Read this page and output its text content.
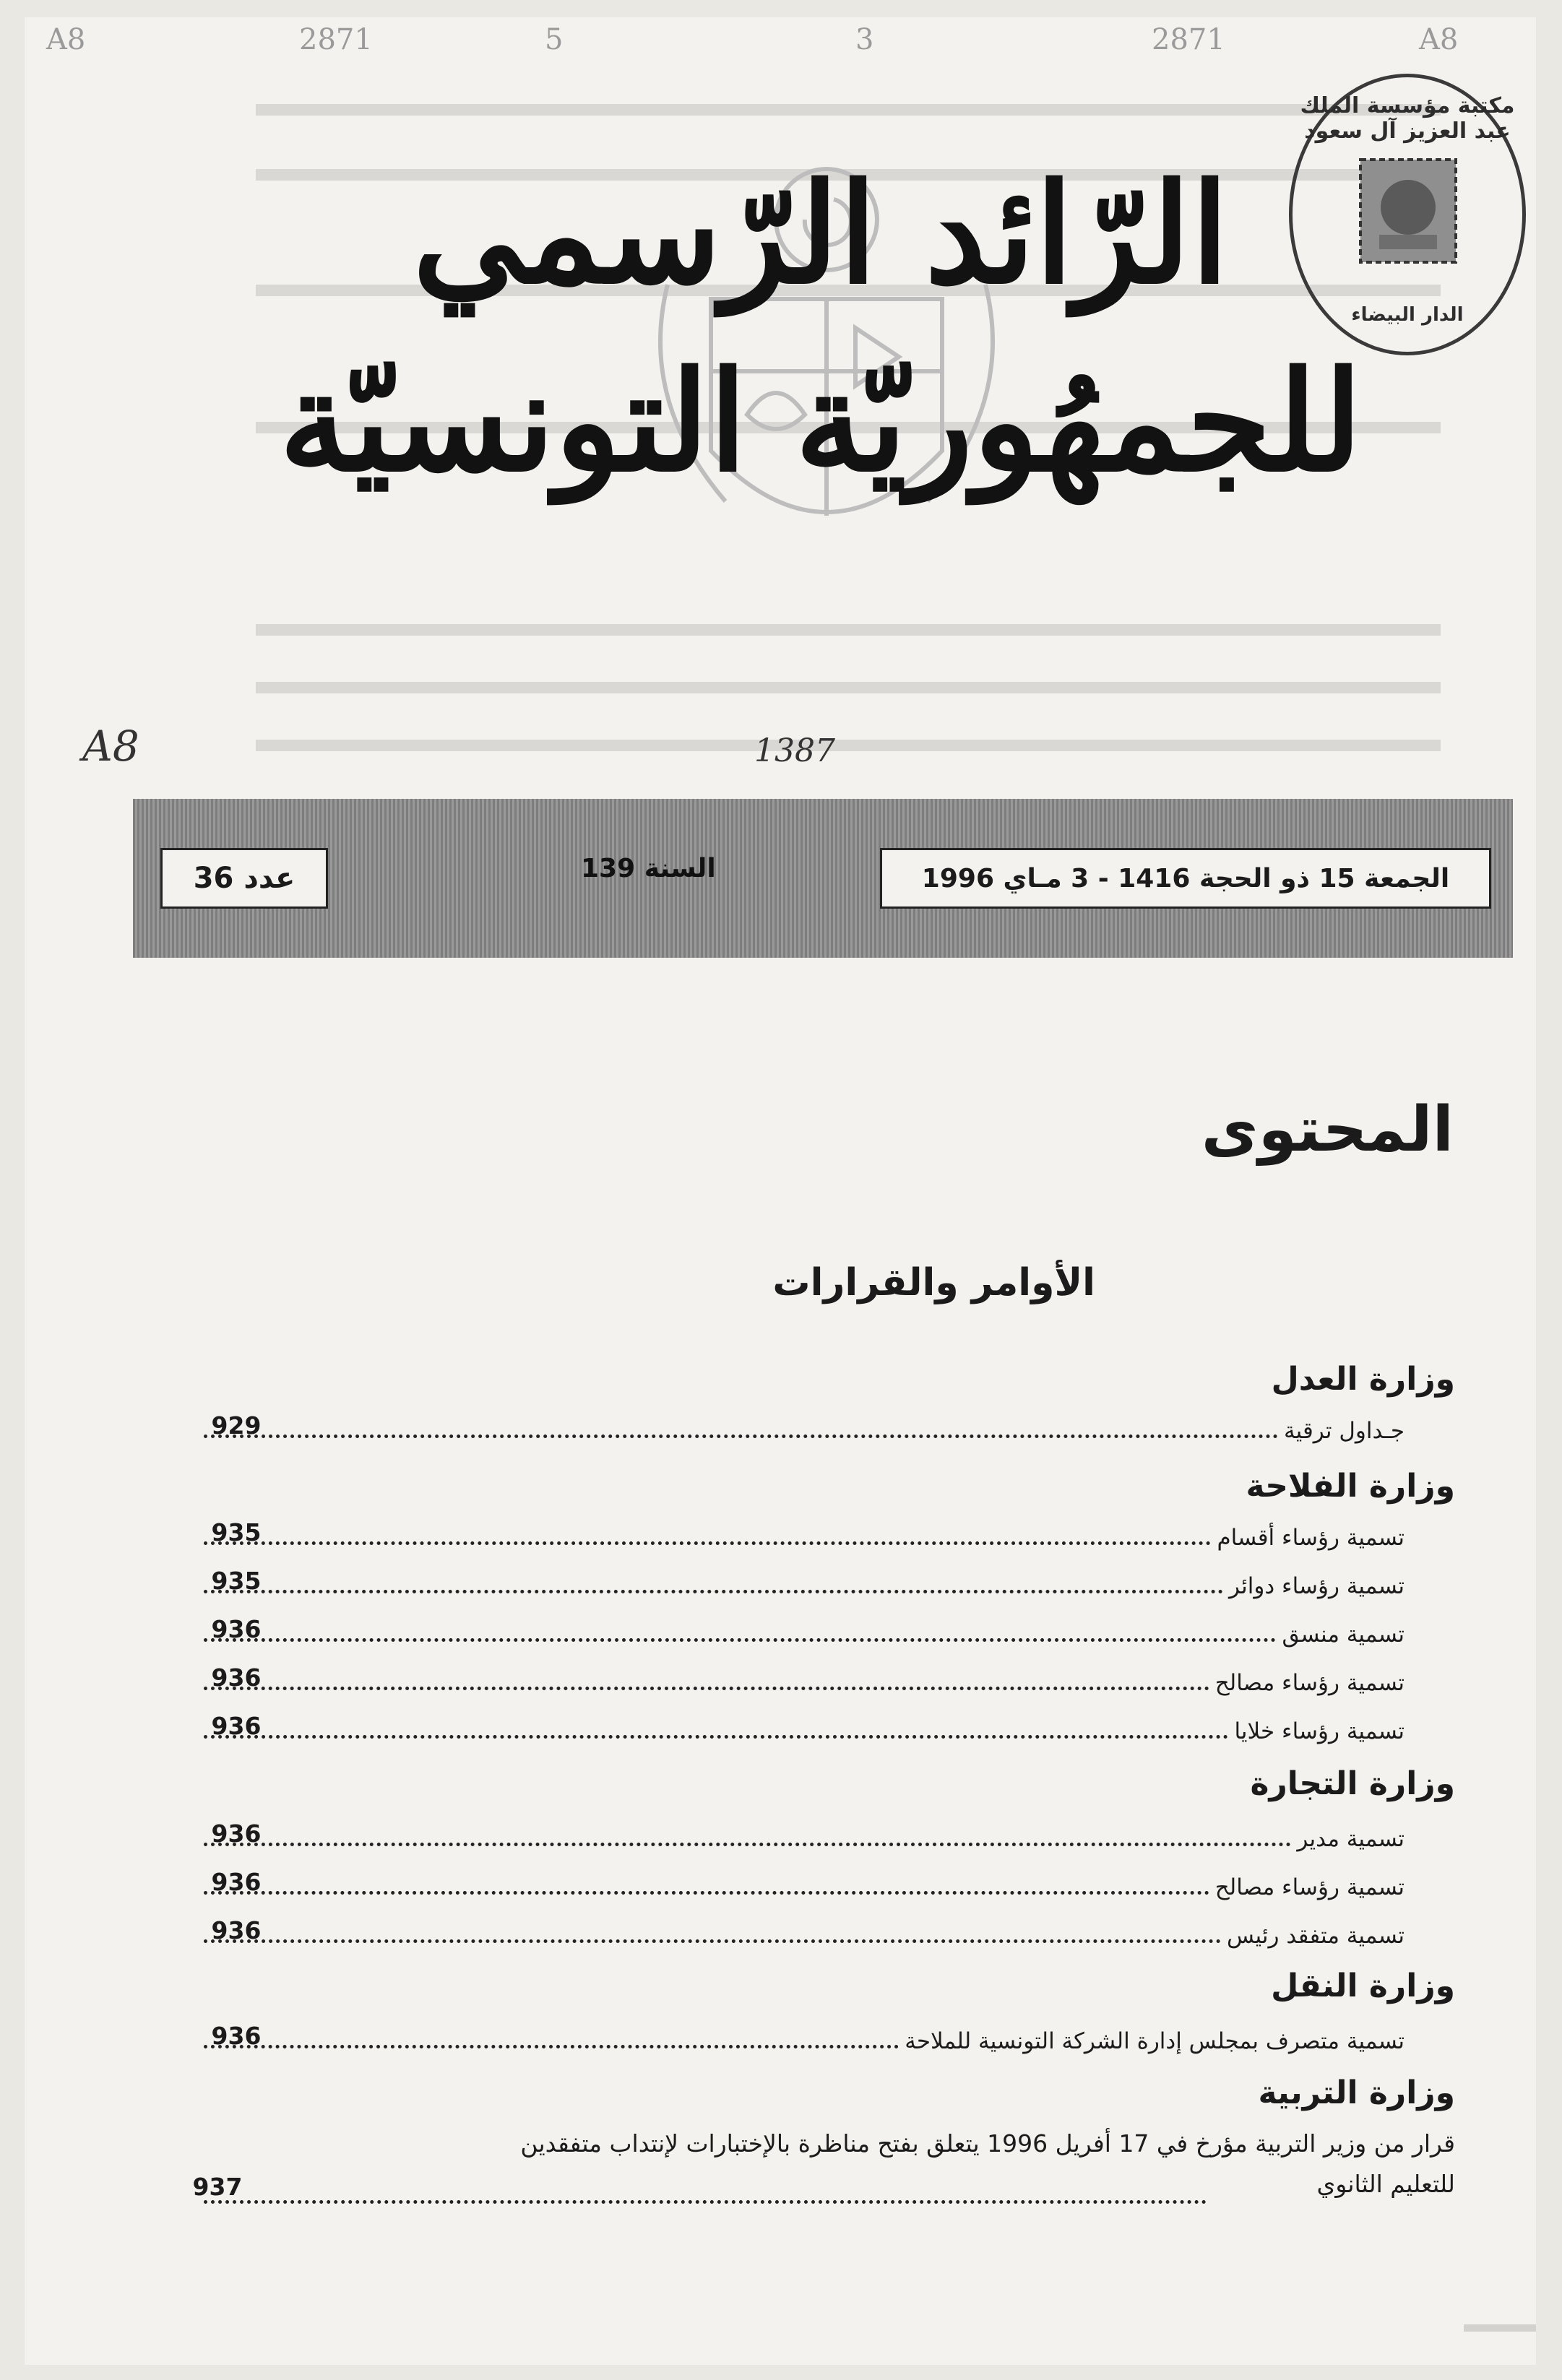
A8	2871	5	3	2871	A8
مكتبة مؤسسة الملك عبد العزيز آل سعود
الدار البيضاء
الرّائد الرّسمي
للجمهُوريّة التونسيّة
A8	1387
عدد 36	السنة 139	الجمعة 15 ذو الحجة 1416 - 3 مـاي 1996
المحتوى
الأوامر والقرارات
وزارة العدل
جـداول ترقية
929
وزارة الفلاحة
تسمية رؤساء أقسام
935
تسمية رؤساء دوائر
935
تسمية منسق
936
تسمية رؤساء مصالح
936
تسمية رؤساء خلايا
936
وزارة التجارة
تسمية مدير
936
تسمية رؤساء مصالح
936
تسمية متفقد رئيس
936
وزارة النقل
تسمية متصرف بمجلس إدارة الشركة التونسية للملاحة
936
وزارة التربية
قرار من وزير التربية مؤرخ في 17 أفريل 1996 يتعلق بفتح مناظرة بالإختبارات لإنتداب متفقدين
للتعليم الثانوي
937
